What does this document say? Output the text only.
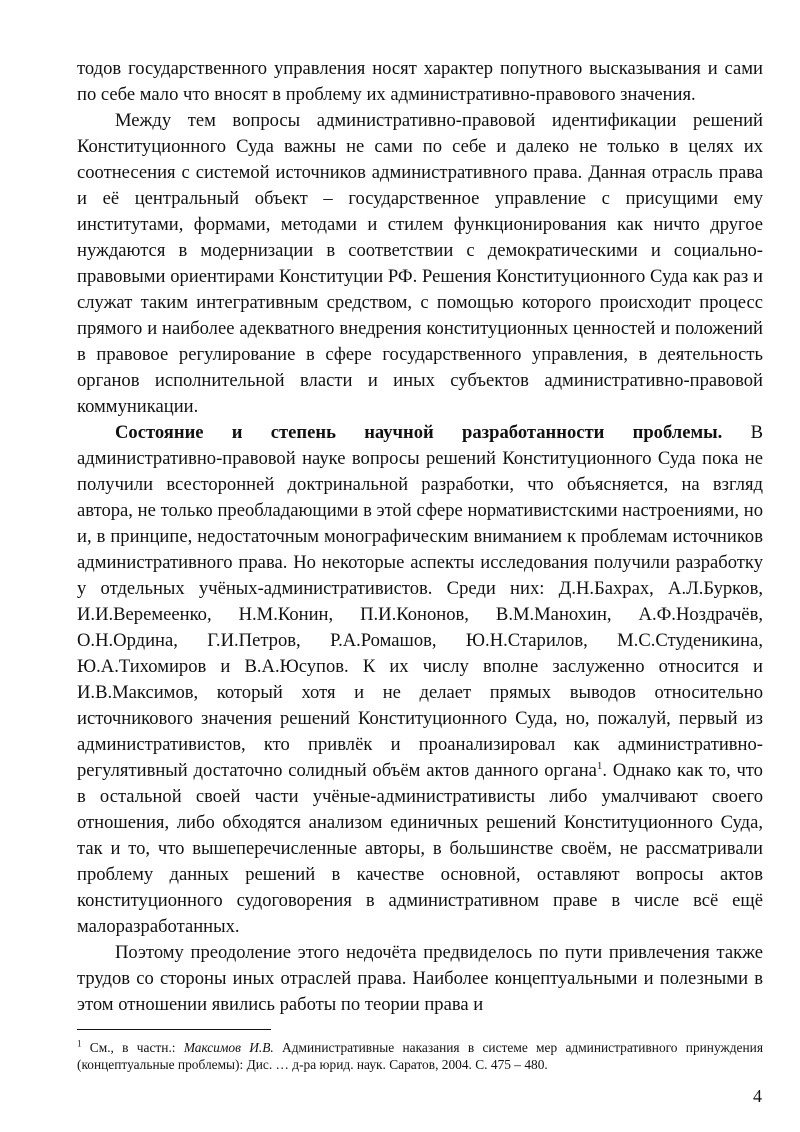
тодов государственного управления носят характер попутного высказывания и сами по себе мало что вносят в проблему их административно-правового значения.

Между тем вопросы административно-правовой идентификации решений Конституционного Суда важны не сами по себе и далеко не только в целях их соотнесения с системой источников административного права. Данная отрасль права и её центральный объект – государственное управление с присущими ему институтами, формами, методами и стилем функционирования как ничто другое нуждаются в модернизации в соответствии с демократическими и социально-правовыми ориентирами Конституции РФ. Решения Конституционного Суда как раз и служат таким интегративным средством, с помощью которого происходит процесс прямого и наиболее адекватного внедрения конституционных ценностей и положений в правовое регулирование в сфере государственного управления, в деятельность органов исполнительной власти и иных субъектов административно-правовой коммуникации.

Состояние и степень научной разработанности проблемы. В административно-правовой науке вопросы решений Конституционного Суда пока не получили всесторонней доктринальной разработки, что объясняется, на взгляд автора, не только преобладающими в этой сфере нормативистскими настроениями, но и, в принципе, недостаточным монографическим вниманием к проблемам источников административного права. Но некоторые аспекты исследования получили разработку у отдельных учёных-административистов. Среди них: Д.Н.Бахрах, А.Л.Бурков, И.И.Веремеенко, Н.М.Конин, П.И.Кононов, В.М.Манохин, А.Ф.Ноздрачёв, О.Н.Ордина, Г.И.Петров, Р.А.Ромашов, Ю.Н.Старилов, М.С.Студеникина, Ю.А.Тихомиров и В.А.Юсупов. К их числу вполне заслуженно относится и И.В.Максимов, который хотя и не делает прямых выводов относительно источникового значения решений Конституционного Суда, но, пожалуй, первый из административистов, кто привлёк и проанализировал как административно-регулятивный достаточно солидный объём актов данного органа$^1$. Однако как то, что в остальной своей части учёные-административисты либо умалчивают своего отношения, либо обходятся анализом единичных решений Конституционного Суда, так и то, что вышеперечисленные авторы, в большинстве своём, не рассматривали проблему данных решений в качестве основной, оставляют вопросы актов конституционного судоговорения в административном праве в числе всё ещё малоразработанных.

Поэтому преодоление этого недочёта предвиделось по пути привлечения также трудов со стороны иных отраслей права. Наиболее концептуальными и полезными в этом отношении явились работы по теории права и

$^1$ См., в частн.: Максимов И.В. Административные наказания в системе мер административного принуждения (концептуальные проблемы): Дис. … д-ра юрид. наук. Саратов, 2004. С. 475 – 480.

4
